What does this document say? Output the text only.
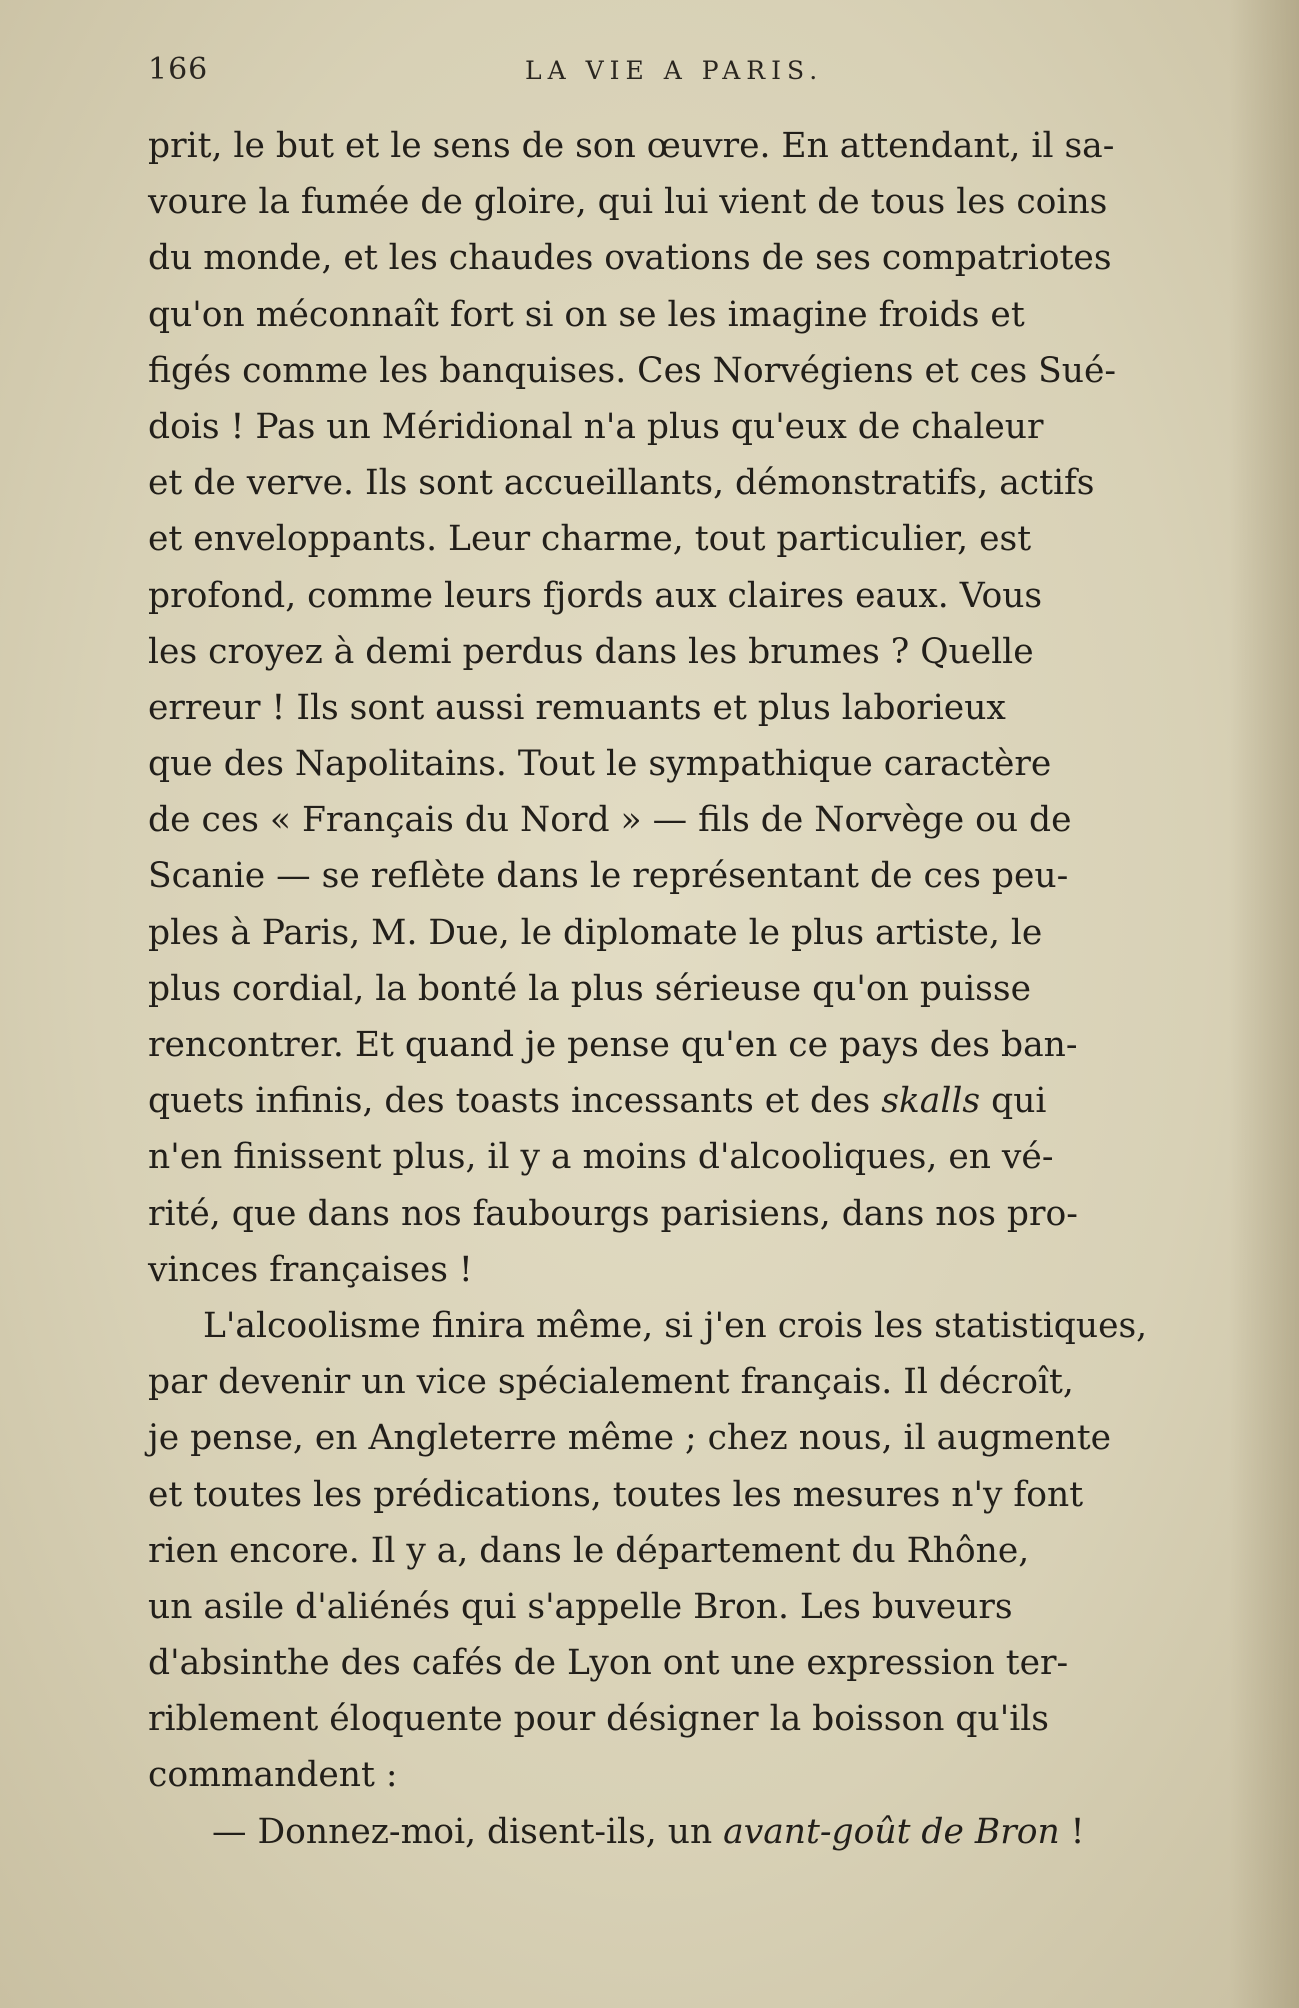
166	LA VIE A PARIS.
prit, le but et le sens de son œuvre. En attendant, il sa-
voure la fumée de gloire, qui lui vient de tous les coins
du monde, et les chaudes ovations de ses compatriotes
qu'on méconnaît fort si on se les imagine froids et
figés comme les banquises. Ces Norvégiens et ces Sué-
dois ! Pas un Méridional n'a plus qu'eux de chaleur
et de verve. Ils sont accueillants, démonstratifs, actifs
et enveloppants. Leur charme, tout particulier, est
profond, comme leurs fjords aux claires eaux. Vous
les croyez à demi perdus dans les brumes ? Quelle
erreur ! Ils sont aussi remuants et plus laborieux
que des Napolitains. Tout le sympathique caractère
de ces « Français du Nord » — fils de Norvège ou de
Scanie — se reflète dans le représentant de ces peu-
ples à Paris, M. Due, le diplomate le plus artiste, le
plus cordial, la bonté la plus sérieuse qu'on puisse
rencontrer. Et quand je pense qu'en ce pays des ban-
quets infinis, des toasts incessants et des skalls qui
n'en finissent plus, il y a moins d'alcooliques, en vé-
rité, que dans nos faubourgs parisiens, dans nos pro-
vinces françaises !
L'alcoolisme finira même, si j'en crois les statistiques,
par devenir un vice spécialement français. Il décroît,
je pense, en Angleterre même ; chez nous, il augmente
et toutes les prédications, toutes les mesures n'y font
rien encore. Il y a, dans le département du Rhône,
un asile d'aliénés qui s'appelle Bron. Les buveurs
d'absinthe des cafés de Lyon ont une expression ter-
riblement éloquente pour désigner la boisson qu'ils
commandent :
— Donnez-moi, disent-ils, un avant-goût de Bron !
